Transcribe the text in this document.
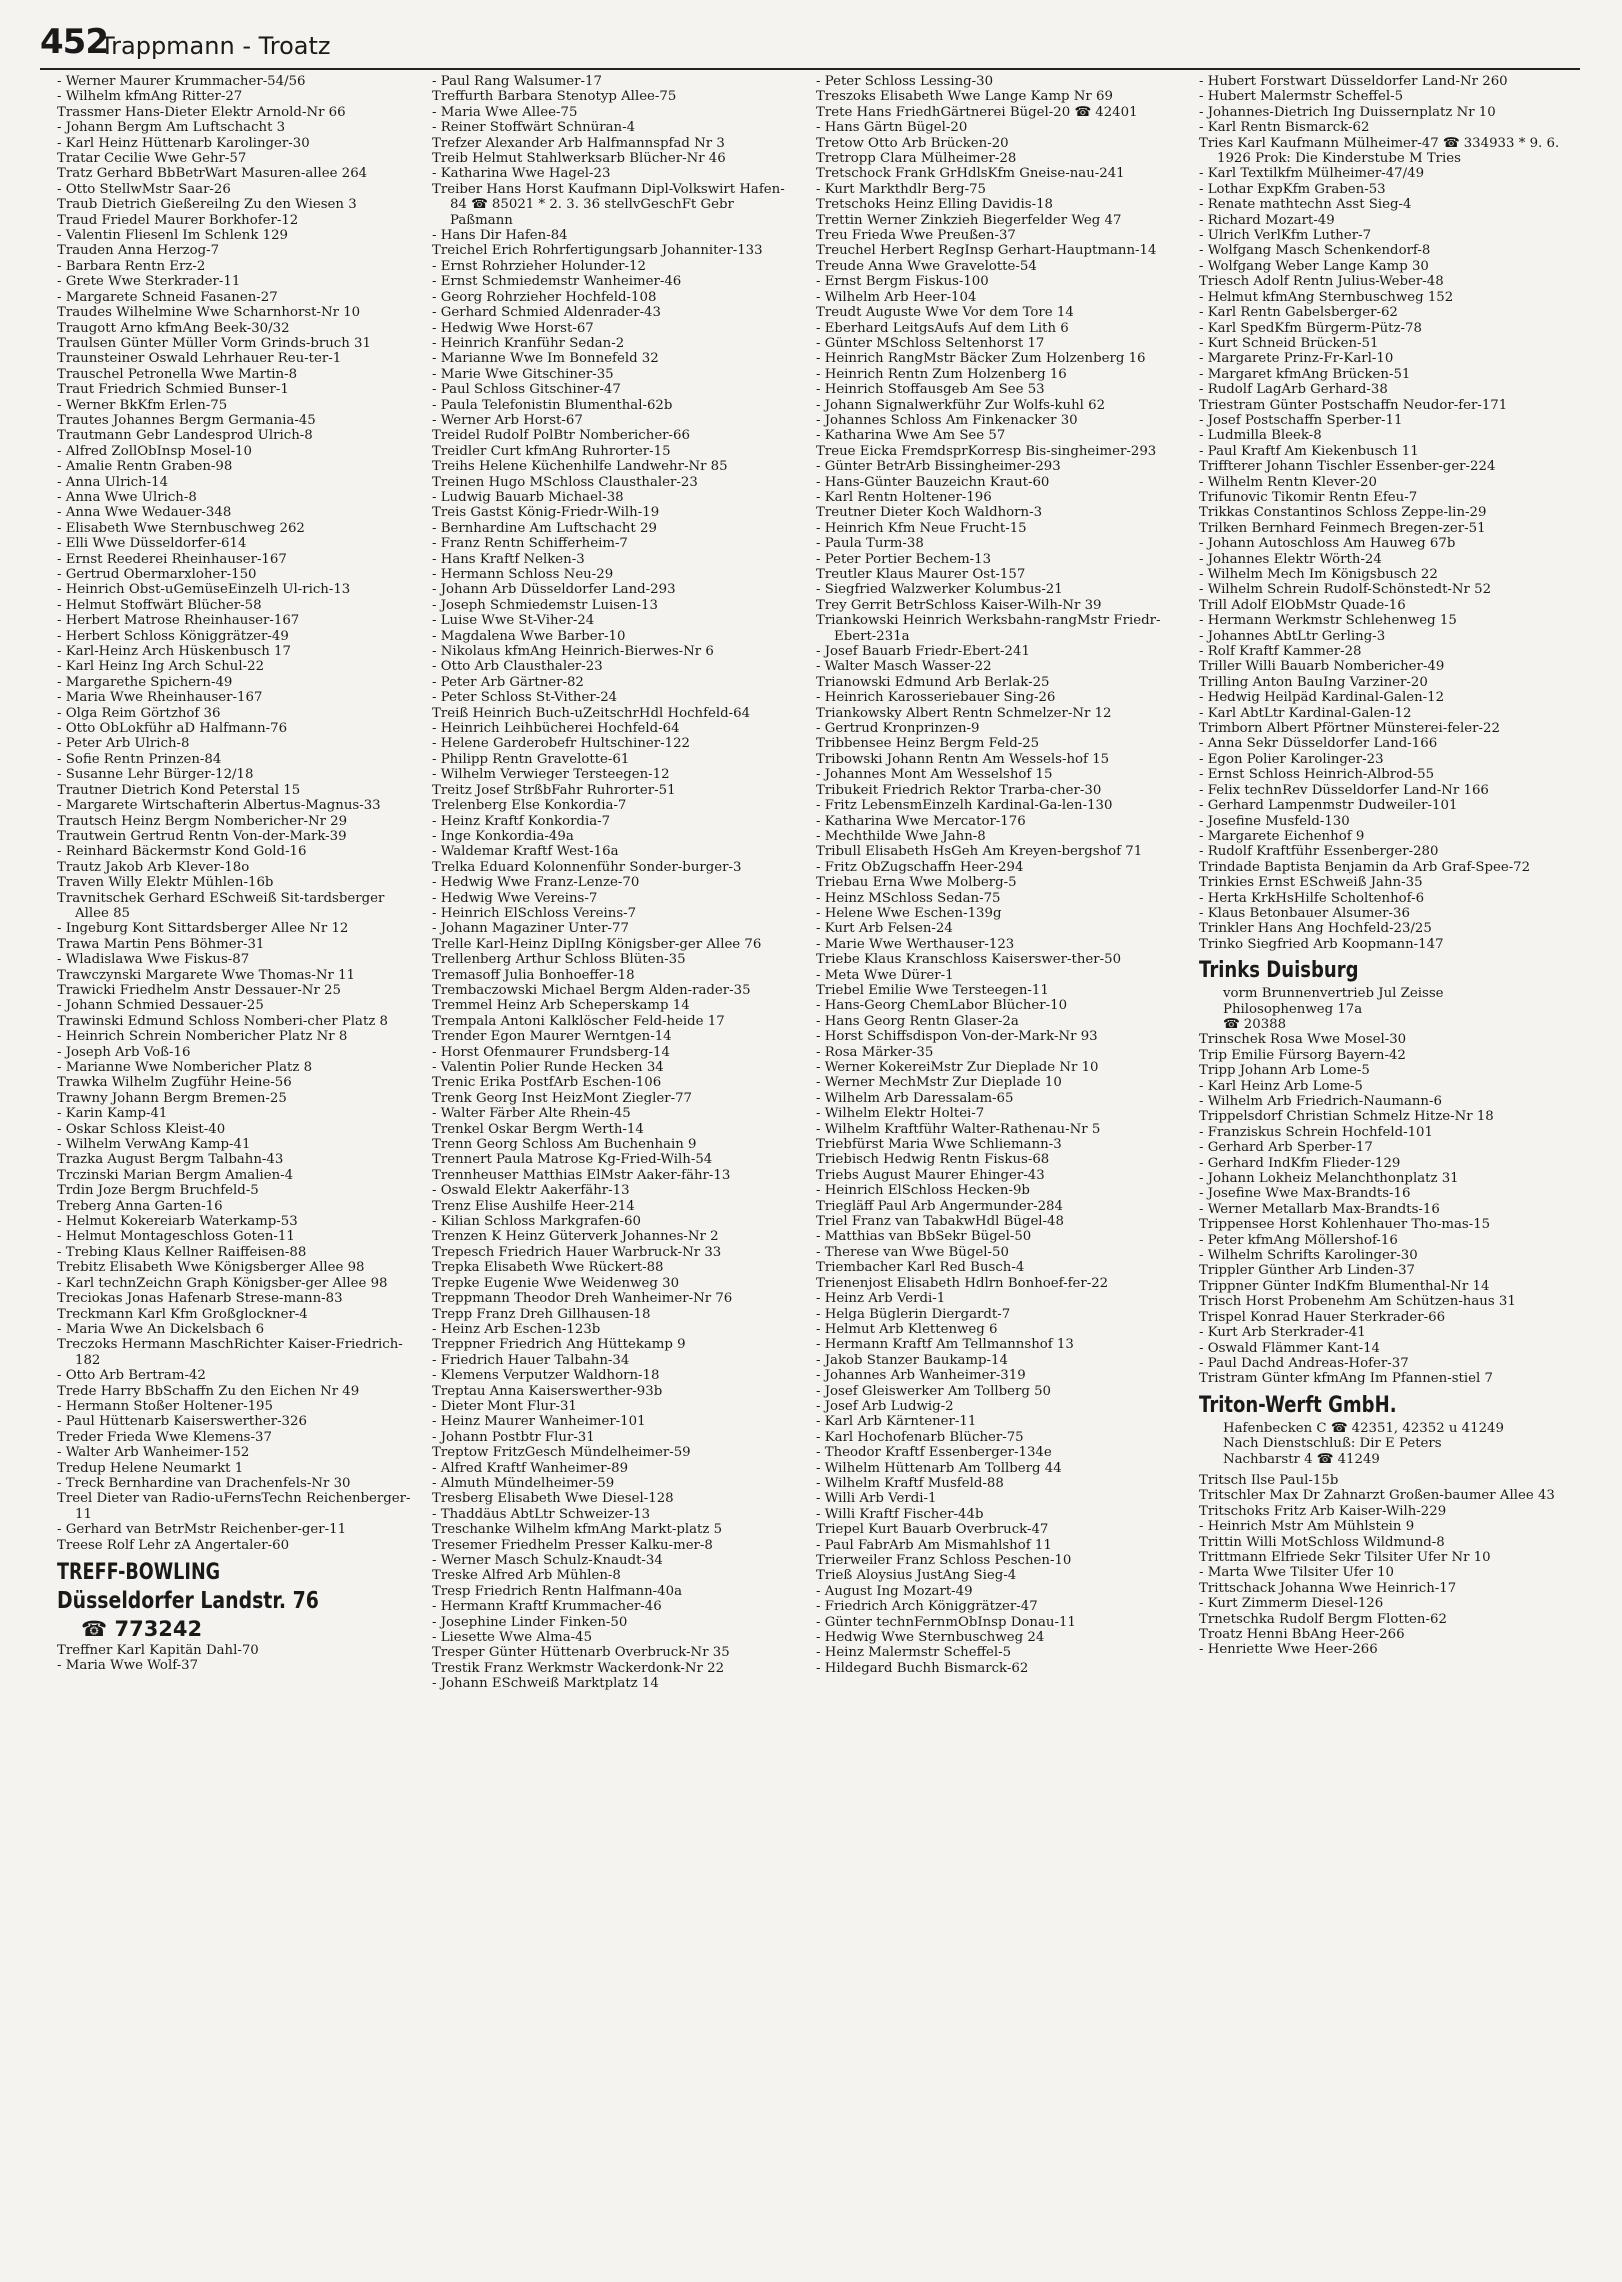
452
Trappmann - Troatz
- Werner Maurer Krummacher-54/56
- Wilhelm kfmAng Ritter-27
Trassmer Hans-Dieter Elektr Arnold-Nr 66
- Johann Bergm Am Luftschacht 3
- Karl Heinz Hüttenarb Karolinger-30
Tratar Cecilie Wwe Gehr-57
Tratz Gerhard BbBetrWart Masuren-allee 264
- Otto StellwMstr Saar-26
Traub Dietrich Gießereilng Zu den Wiesen 3
Traud Friedel Maurer Borkhofer-12
- Valentin Fliesenl Im Schlenk 129
Trauden Anna Herzog-7
- Barbara Rentn Erz-2
- Grete Wwe Sterkrader-11
- Margarete Schneid Fasanen-27
Traudes Wilhelmine Wwe Scharnhorst-Nr 10
Traugott Arno kfmAng Beek-30/32
Traulsen Günter Müller Vorm Grinds-bruch 31
Traunsteiner Oswald Lehrhauer Reu-ter-1
Trauschel Petronella Wwe Martin-8
Traut Friedrich Schmied Bunser-1
- Werner BkKfm Erlen-75
Trautes Johannes Bergm Germania-45
Trautmann Gebr Landesprod Ulrich-8
- Alfred ZollObInsp Mosel-10
- Amalie Rentn Graben-98
- Anna Ulrich-14
- Anna Wwe Ulrich-8
- Anna Wwe Wedauer-348
- Elisabeth Wwe Sternbuschweg 262
- Elli Wwe Düsseldorfer-614
- Ernst Reederei Rheinhauser-167
- Gertrud Obermarxloher-150
- Heinrich Obst-uGemüseEinzelh Ul-rich-13
- Helmut Stoffwärt Blücher-58
- Herbert Matrose Rheinhauser-167
- Herbert Schloss Königgrätzer-49
- Karl-Heinz Arch Hüskenbusch 17
- Karl Heinz Ing Arch Schul-22
- Margarethe Spichern-49
- Maria Wwe Rheinhauser-167
- Olga Reim Görtzhof 36
- Otto ObLokführ aD Halfmann-76
- Peter Arb Ulrich-8
- Sofie Rentn Prinzen-84
- Susanne Lehr Bürger-12/18
Trautner Dietrich Kond Peterstal 15
- Margarete Wirtschafterin Albertus-Magnus-33
Trautsch Heinz Bergm Nombericher-Nr 29
Trautwein Gertrud Rentn Von-der-Mark-39
- Reinhard Bäckermstr Kond Gold-16
Trautz Jakob Arb Klever-18o
Traven Willy Elektr Mühlen-16b
Travnitschek Gerhard ESchweiß Sit-tardsberger Allee 85
- Ingeburg Kont Sittardsberger Allee Nr 12
Trawa Martin Pens Böhmer-31
- Wladislawa Wwe Fiskus-87
Trawczynski Margarete Wwe Thomas-Nr 11
Trawicki Friedhelm Anstr Dessauer-Nr 25
- Johann Schmied Dessauer-25
Trawinski Edmund Schloss Nomberi-cher Platz 8
- Heinrich Schrein Nombericher Platz Nr 8
- Joseph Arb Voß-16
- Marianne Wwe Nombericher Platz 8
Trawka Wilhelm Zugführ Heine-56
Trawny Johann Bergm Bremen-25
- Karin Kamp-41
- Oskar Schloss Kleist-40
- Wilhelm VerwAng Kamp-41
Trazka August Bergm Talbahn-43
Trczinski Marian Bergm Amalien-4
Trdin Joze Bergm Bruchfeld-5
Treberg Anna Garten-16
- Helmut Kokereiarb Waterkamp-53
- Helmut Montageschloss Goten-11
- Trebing Klaus Kellner Raiffeisen-88
Trebitz Elisabeth Wwe Königsberger Allee 98
- Karl technZeichn Graph Königsber-ger Allee 98
Treciokas Jonas Hafenarb Strese-mann-83
Treckmann Karl Kfm Großglockner-4
- Maria Wwe An Dickelsbach 6
Treczoks Hermann MaschRichter Kaiser-Friedrich-182
- Otto Arb Bertram-42
Trede Harry BbSchaffn Zu den Eichen Nr 49
- Hermann Stoßer Holtener-195
- Paul Hüttenarb Kaiserswerther-326
Treder Frieda Wwe Klemens-37
- Walter Arb Wanheimer-152
Tredup Helene Neumarkt 1
- Treck Bernhardine van Drachenfels-Nr 30
Treel Dieter van Radio-uFernsTechn Reichenberger-11
- Gerhard van BetrMstr Reichenber-ger-11
Treese Rolf Lehr zA Angertaler-60
TREFF-BOWLING
Düsseldorfer Landstr. 76
☎ 773242
Treffner Karl Kapitän Dahl-70
- Maria Wwe Wolf-37
- Paul Rang Walsumer-17
Treffurth Barbara Stenotyp Allee-75
- Maria Wwe Allee-75
- Reiner Stoffwärt Schnüran-4
Trefzer Alexander Arb Halfmannspfad Nr 3
Treib Helmut Stahlwerksarb Blücher-Nr 46
- Katharina Wwe Hagel-23
Treiber Hans Horst Kaufmann Dipl-Volkswirt Hafen-84 ☎ 85021 * 2. 3. 36 stellvGeschFt Gebr Paßmann
- Hans Dir Hafen-84
Treichel Erich Rohrfertigungsarb Johanniter-133
- Ernst Rohrzieher Holunder-12
- Ernst Schmiedemstr Wanheimer-46
- Georg Rohrzieher Hochfeld-108
- Gerhard Schmied Aldenrader-43
- Hedwig Wwe Horst-67
- Heinrich Kranführ Sedan-2
- Marianne Wwe Im Bonnefeld 32
- Marie Wwe Gitschiner-35
- Paul Schloss Gitschiner-47
- Paula Telefonistin Blumenthal-62b
- Werner Arb Horst-67
Treidel Rudolf PolBtr Nombericher-66
Treidler Curt kfmAng Ruhrorter-15
Treihs Helene Küchenhilfe Landwehr-Nr 85
Treinen Hugo MSchloss Clausthaler-23
- Ludwig Bauarb Michael-38
Treis Gastst König-Friedr-Wilh-19
- Bernhardine Am Luftschacht 29
- Franz Rentn Schifferheim-7
- Hans Kraftf Nelken-3
- Hermann Schloss Neu-29
- Johann Arb Düsseldorfer Land-293
- Joseph Schmiedemstr Luisen-13
- Luise Wwe St-Viher-24
- Magdalena Wwe Barber-10
- Nikolaus kfmAng Heinrich-Bierwes-Nr 6
- Otto Arb Clausthaler-23
- Peter Arb Gärtner-82
- Peter Schloss St-Vither-24
Treiß Heinrich Buch-uZeitschrHdl Hochfeld-64
- Heinrich Leihbücherei Hochfeld-64
- Helene Garderobefr Hultschiner-122
- Philipp Rentn Gravelotte-61
- Wilhelm Verwieger Tersteegen-12
Treitz Josef StrßbFahr Ruhrorter-51
Trelenberg Else Konkordia-7
- Heinz Kraftf Konkordia-7
- Inge Konkordia-49a
- Waldemar Kraftf West-16a
Trelka Eduard Kolonnenführ Sonder-burger-3
- Hedwig Wwe Franz-Lenze-70
- Hedwig Wwe Vereins-7
- Heinrich ElSchloss Vereins-7
- Johann Magaziner Unter-77
Trelle Karl-Heinz DiplIng Königsber-ger Allee 76
Trellenberg Arthur Schloss Blüten-35
Tremasoff Julia Bonhoeffer-18
Trembaczowski Michael Bergm Alden-rader-35
Tremmel Heinz Arb Scheperskamp 14
Trempala Antoni Kalklöscher Feld-heide 17
Trender Egon Maurer Werntgen-14
- Horst Ofenmaurer Frundsberg-14
- Valentin Polier Runde Hecken 34
Trenic Erika PostfArb Eschen-106
Trenk Georg Inst HeizMont Ziegler-77
- Walter Färber Alte Rhein-45
Trenkel Oskar Bergm Werth-14
Trenn Georg Schloss Am Buchenhain 9
Trennert Paula Matrose Kg-Fried-Wilh-54
Trennheuser Matthias ElMstr Aaker-fähr-13
- Oswald Elektr Aakerfähr-13
Trenz Elise Aushilfe Heer-214
- Kilian Schloss Markgrafen-60
Trenzen K Heinz Güterverk Johannes-Nr 2
Trepesch Friedrich Hauer Warbruck-Nr 33
Trepka Elisabeth Wwe Rückert-88
Trepke Eugenie Wwe Weidenweg 30
Treppmann Theodor Dreh Wanheimer-Nr 76
Trepp Franz Dreh Gillhausen-18
- Heinz Arb Eschen-123b
Treppner Friedrich Ang Hüttekamp 9
- Friedrich Hauer Talbahn-34
- Klemens Verputzer Waldhorn-18
Treptau Anna Kaiserswerther-93b
- Dieter Mont Flur-31
- Heinz Maurer Wanheimer-101
- Johann Postbtr Flur-31
Treptow FritzGesch Mündelheimer-59
- Alfred Kraftf Wanheimer-89
- Almuth Mündelheimer-59
Tresberg Elisabeth Wwe Diesel-128
- Thaddäus AbtLtr Schweizer-13
Treschanke Wilhelm kfmAng Markt-platz 5
Tresemer Friedhelm Presser Kalku-mer-8
- Werner Masch Schulz-Knaudt-34
Treske Alfred Arb Mühlen-8
Tresp Friedrich Rentn Halfmann-40a
- Hermann Kraftf Krummacher-46
- Josephine Linder Finken-50
- Liesette Wwe Alma-45
Tresper Günter Hüttenarb Overbruck-Nr 35
Trestik Franz Werkmstr Wackerdonk-Nr 22
- Johann ESchweiß Marktplatz 14
- Peter Schloss Lessing-30
Treszoks Elisabeth Wwe Lange Kamp Nr 69
Trete Hans FriedhGärtnerei Bügel-20 ☎ 42401
- Hans Gärtn Bügel-20
Tretow Otto Arb Brücken-20
Tretropp Clara Mülheimer-28
Tretschock Frank GrHdlsKfm Gneise-nau-241
- Kurt Markthdlr Berg-75
Tretschoks Heinz Elling Davidis-18
Trettin Werner Zinkzieh Biegerfelder Weg 47
Treu Frieda Wwe Preußen-37
Treuchel Herbert RegInsp Gerhart-Hauptmann-14
Treude Anna Wwe Gravelotte-54
- Ernst Bergm Fiskus-100
- Wilhelm Arb Heer-104
Treudt Auguste Wwe Vor dem Tore 14
- Eberhard LeitgsAufs Auf dem Lith 6
- Günter MSchloss Seltenhorst 17
- Heinrich RangMstr Bäcker Zum Holzenberg 16
- Heinrich Rentn Zum Holzenberg 16
- Heinrich Stoffausgeb Am See 53
- Johann Signalwerkführ Zur Wolfs-kuhl 62
- Johannes Schloss Am Finkenacker 30
- Katharina Wwe Am See 57
Treue Eicka FremdsprKorresp Bis-singheimer-293
- Günter BetrArb Bissingheimer-293
- Hans-Günter Bauzeichn Kraut-60
- Karl Rentn Holtener-196
Treutner Dieter Koch Waldhorn-3
- Heinrich Kfm Neue Frucht-15
- Paula Turm-38
- Peter Portier Bechem-13
Treutler Klaus Maurer Ost-157
- Siegfried Walzwerker Kolumbus-21
Trey Gerrit BetrSchloss Kaiser-Wilh-Nr 39
Triankowski Heinrich Werksbahn-rangMstr Friedr-Ebert-231a
- Josef Bauarb Friedr-Ebert-241
- Walter Masch Wasser-22
Trianowski Edmund Arb Berlak-25
- Heinrich Karosseriebauer Sing-26
Triankowsky Albert Rentn Schmelzer-Nr 12
- Gertrud Kronprinzen-9
Tribbensee Heinz Bergm Feld-25
Tribowski Johann Rentn Am Wessels-hof 15
- Johannes Mont Am Wesselshof 15
Tribukeit Friedrich Rektor Trarba-cher-30
- Fritz LebensmEinzelh Kardinal-Ga-len-130
- Katharina Wwe Mercator-176
- Mechthilde Wwe Jahn-8
Tribull Elisabeth HsGeh Am Kreyen-bergshof 71
- Fritz ObZugschaffn Heer-294
Triebau Erna Wwe Molberg-5
- Heinz MSchloss Sedan-75
- Helene Wwe Eschen-139g
- Kurt Arb Felsen-24
- Marie Wwe Werthauser-123
Triebe Klaus Kranschloss Kaiserswer-ther-50
- Meta Wwe Dürer-1
Triebel Emilie Wwe Tersteegen-11
- Hans-Georg ChemLabor Blücher-10
- Hans Georg Rentn Glaser-2a
- Horst Schiffsdispon Von-der-Mark-Nr 93
- Rosa Märker-35
- Werner KokereiMstr Zur Dieplade Nr 10
- Werner MechMstr Zur Dieplade 10
- Wilhelm Arb Daressalam-65
- Wilhelm Elektr Holtei-7
- Wilhelm Kraftführ Walter-Rathenau-Nr 5
Triebfürst Maria Wwe Schliemann-3
Triebisch Hedwig Rentn Fiskus-68
Triebs August Maurer Ehinger-43
- Heinrich ElSchloss Hecken-9b
Triegläff Paul Arb Angermunder-284
Triel Franz van TabakwHdl Bügel-48
- Matthias van BbSekr Bügel-50
- Therese van Wwe Bügel-50
Triembacher Karl Red Busch-4
Trienenjost Elisabeth Hdlrn Bonhoef-fer-22
- Heinz Arb Verdi-1
- Helga Büglerin Diergardt-7
- Helmut Arb Klettenweg 6
- Hermann Kraftf Am Tellmannshof 13
- Jakob Stanzer Baukamp-14
- Johannes Arb Wanheimer-319
- Josef Gleiswerker Am Tollberg 50
- Josef Arb Ludwig-2
- Karl Arb Kärntener-11
- Karl Hochofenarb Blücher-75
- Theodor Kraftf Essenberger-134e
- Wilhelm Hüttenarb Am Tollberg 44
- Wilhelm Kraftf Musfeld-88
- Willi Arb Verdi-1
- Willi Kraftf Fischer-44b
Triepel Kurt Bauarb Overbruck-47
- Paul FabrArb Am Mismahlshof 11
Trierweiler Franz Schloss Peschen-10
Trieß Aloysius JustAng Sieg-4
- August Ing Mozart-49
- Friedrich Arch Königgrätzer-47
- Günter technFernmObInsp Donau-11
- Hedwig Wwe Sternbuschweg 24
- Heinz Malermstr Scheffel-5
- Hildegard Buchh Bismarck-62
- Hubert Forstwart Düsseldorfer Land-Nr 260
- Hubert Malermstr Scheffel-5
- Johannes-Dietrich Ing Duissernplatz Nr 10
- Karl Rentn Bismarck-62
Tries Karl Kaufmann Mülheimer-47 ☎ 334933 * 9. 6. 1926 Prok: Die Kinderstube M Tries
- Karl Textilkfm Mülheimer-47/49
- Lothar ExpKfm Graben-53
- Renate mathtechn Asst Sieg-4
- Richard Mozart-49
- Ulrich VerlKfm Luther-7
- Wolfgang Masch Schenkendorf-8
- Wolfgang Weber Lange Kamp 30
Triesch Adolf Rentn Julius-Weber-48
- Helmut kfmAng Sternbuschweg 152
- Karl Rentn Gabelsberger-62
- Karl SpedKfm Bürgerm-Pütz-78
- Kurt Schneid Brücken-51
- Margarete Prinz-Fr-Karl-10
- Margaret kfmAng Brücken-51
- Rudolf LagArb Gerhard-38
Triestram Günter Postschaffn Neudor-fer-171
- Josef Postschaffn Sperber-11
- Ludmilla Bleek-8
- Paul Kraftf Am Kiekenbusch 11
Triffterer Johann Tischler Essenber-ger-224
- Wilhelm Rentn Klever-20
Trifunovic Tikomir Rentn Efeu-7
Trikkas Constantinos Schloss Zeppe-lin-29
Trilken Bernhard Feinmech Bregen-zer-51
- Johann Autoschloss Am Hauweg 67b
- Johannes Elektr Wörth-24
- Wilhelm Mech Im Königsbusch 22
- Wilhelm Schrein Rudolf-Schönstedt-Nr 52
Trill Adolf ElObMstr Quade-16
- Hermann Werkmstr Schlehenweg 15
- Johannes AbtLtr Gerling-3
- Rolf Kraftf Kammer-28
Triller Willi Bauarb Nombericher-49
Trilling Anton BauIng Varziner-20
- Hedwig Heilpäd Kardinal-Galen-12
- Karl AbtLtr Kardinal-Galen-12
Trimborn Albert Pförtner Münsterei-feler-22
- Anna Sekr Düsseldorfer Land-166
- Egon Polier Karolinger-23
- Ernst Schloss Heinrich-Albrod-55
- Felix technRev Düsseldorfer Land-Nr 166
- Gerhard Lampenmstr Dudweiler-101
- Josefine Musfeld-130
- Margarete Eichenhof 9
- Rudolf Kraftführ Essenberger-280
Trindade Baptista Benjamin da Arb Graf-Spee-72
Trinkies Ernst ESchweiß Jahn-35
- Herta KrkHsHilfe Scholtenhof-6
- Klaus Betonbauer Alsumer-36
Trinkler Hans Ang Hochfeld-23/25
Trinko Siegfried Arb Koopmann-147
Trinks Duisburg
vorm Brunnenvertrieb Jul Zeisse
Philosophenweg 17a
☎ 20388
Trinschek Rosa Wwe Mosel-30
Trip Emilie Fürsorg Bayern-42
Tripp Johann Arb Lome-5
- Karl Heinz Arb Lome-5
- Wilhelm Arb Friedrich-Naumann-6
Trippelsdorf Christian Schmelz Hitze-Nr 18
- Franziskus Schrein Hochfeld-101
- Gerhard Arb Sperber-17
- Gerhard IndKfm Flieder-129
- Johann Lokheiz Melanchthonplatz 31
- Josefine Wwe Max-Brandts-16
- Werner Metallarb Max-Brandts-16
Trippensee Horst Kohlenhauer Tho-mas-15
- Peter kfmAng Möllershof-16
- Wilhelm Schrifts Karolinger-30
Trippler Günther Arb Linden-37
Trippner Günter IndKfm Blumenthal-Nr 14
Trisch Horst Probenehm Am Schützen-haus 31
Trispel Konrad Hauer Sterkrader-66
- Kurt Arb Sterkrader-41
- Oswald Flämmer Kant-14
- Paul Dachd Andreas-Hofer-37
Tristram Günter kfmAng Im Pfannen-stiel 7
Triton-Werft GmbH.
Hafenbecken C ☎ 42351, 42352 u 41249
Nach Dienstschluß: Dir E Peters
Nachbarstr 4 ☎ 41249
Tritsch Ilse Paul-15b
Tritschler Max Dr Zahnarzt Großen-baumer Allee 43
Tritschoks Fritz Arb Kaiser-Wilh-229
- Heinrich Mstr Am Mühlstein 9
Trittin Willi MotSchloss Wildmund-8
Trittmann Elfriede Sekr Tilsiter Ufer Nr 10
- Marta Wwe Tilsiter Ufer 10
Trittschack Johanna Wwe Heinrich-17
- Kurt Zimmerm Diesel-126
Trnetschka Rudolf Bergm Flotten-62
Troatz Henni BbAng Heer-266
- Henriette Wwe Heer-266
